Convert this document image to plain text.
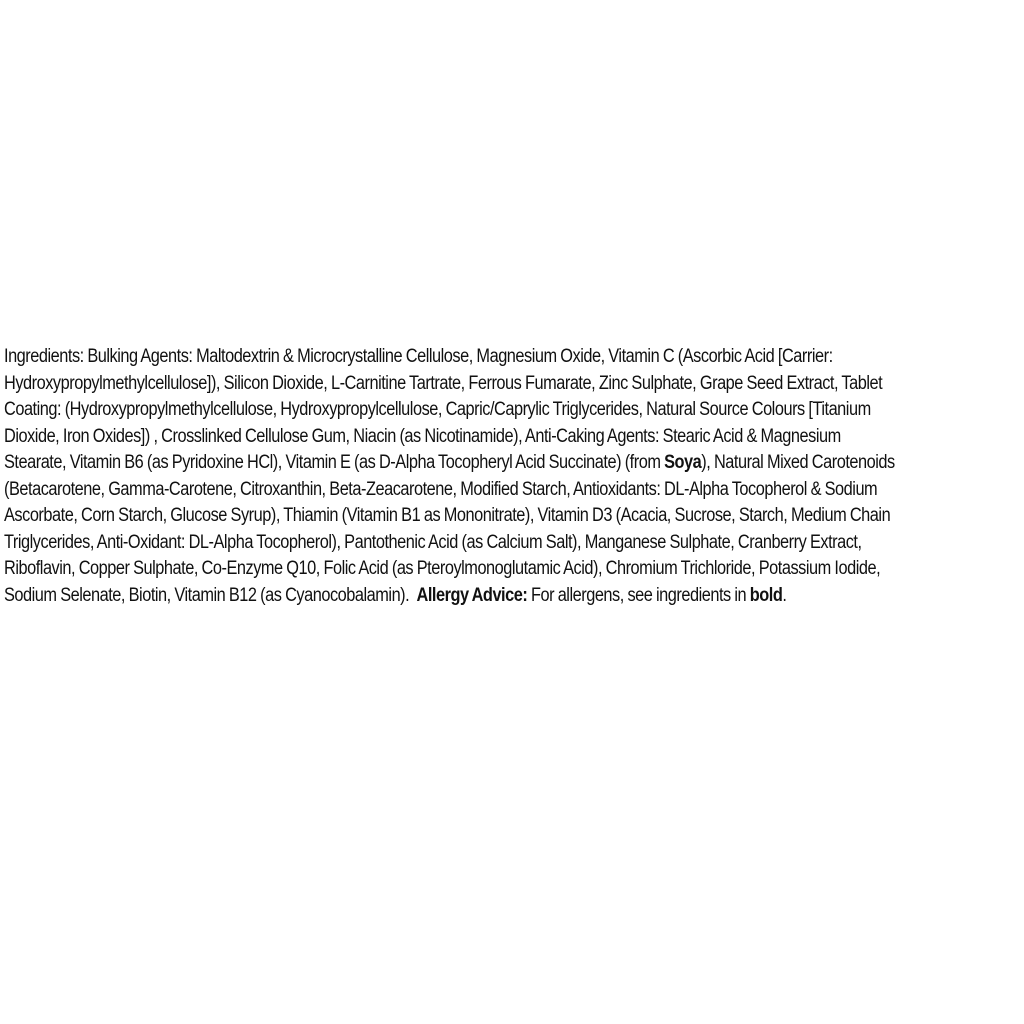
Ingredients: Bulking Agents: Maltodextrin & Microcrystalline Cellulose, Magnesium Oxide, Vitamin C (Ascorbic Acid [Carrier:
Hydroxypropylmethylcellulose]), Silicon Dioxide, L-Carnitine Tartrate, Ferrous Fumarate, Zinc Sulphate, Grape Seed Extract, Tablet
Coating: (Hydroxypropylmethylcellulose, Hydroxypropylcellulose, Capric/Caprylic Triglycerides, Natural Source Colours [Titanium
Dioxide, Iron Oxides]) , Crosslinked Cellulose Gum, Niacin (as Nicotinamide), Anti-Caking Agents: Stearic Acid & Magnesium
Stearate, Vitamin B6 (as Pyridoxine HCl), Vitamin E (as D-Alpha Tocopheryl Acid Succinate) (from Soya), Natural Mixed Carotenoids
(Betacarotene, Gamma-Carotene, Citroxanthin, Beta-Zeacarotene, Modified Starch, Antioxidants: DL-Alpha Tocopherol & Sodium
Ascorbate, Corn Starch, Glucose Syrup), Thiamin (Vitamin B1 as Mononitrate), Vitamin D3 (Acacia, Sucrose, Starch, Medium Chain
Triglycerides, Anti-Oxidant: DL-Alpha Tocopherol), Pantothenic Acid (as Calcium Salt), Manganese Sulphate, Cranberry Extract,
Riboflavin, Copper Sulphate, Co-Enzyme Q10, Folic Acid (as Pteroylmonoglutamic Acid), Chromium Trichloride, Potassium Iodide,
Sodium Selenate, Biotin, Vitamin B12 (as Cyanocobalamin).  Allergy Advice: For allergens, see ingredients in bold.
